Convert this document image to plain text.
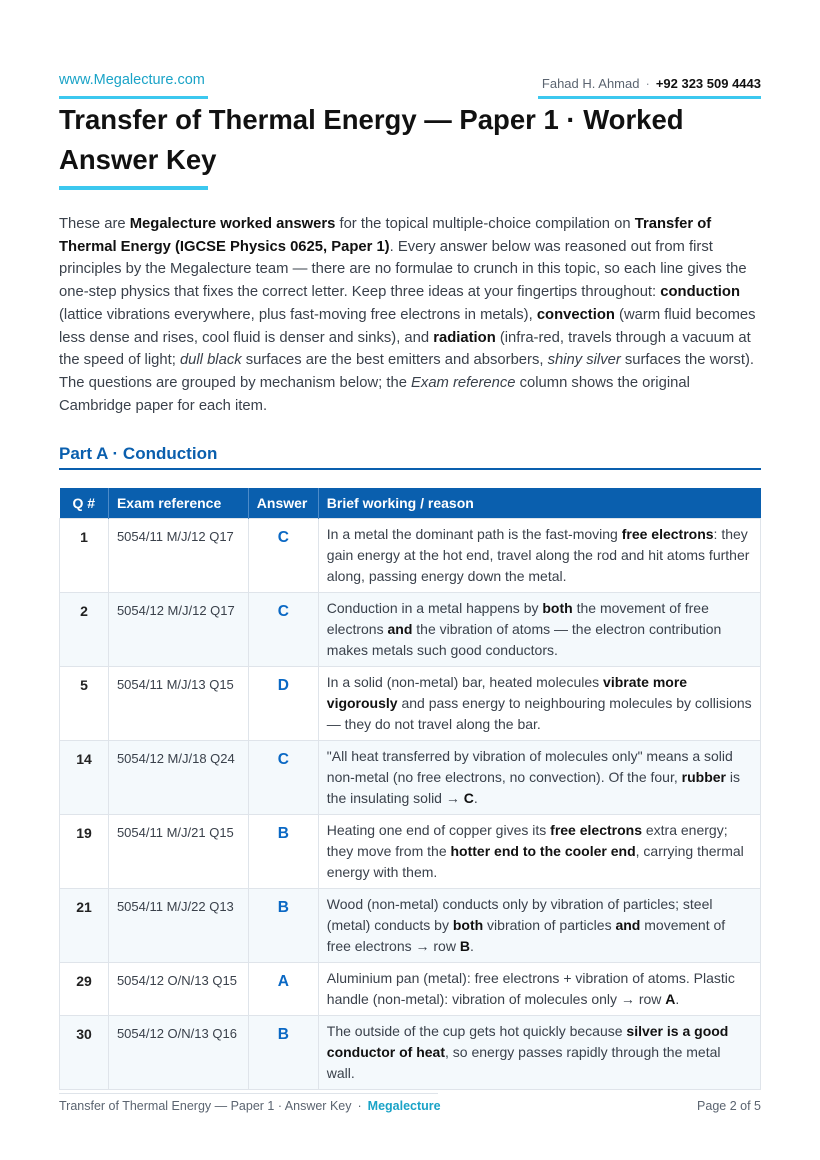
www.Megalecture.com	Fahad H. Ahmad · +92 323 509 4443
Transfer of Thermal Energy — Paper 1 · Worked Answer Key

These are Megalecture worked answers for the topical multiple-choice compilation on Transfer of Thermal Energy (IGCSE Physics 0625, Paper 1). Every answer below was reasoned out from first principles by the Megalecture team — there are no formulae to crunch in this topic, so each line gives the one-step physics that fixes the correct letter. Keep three ideas at your fingertips throughout: conduction (lattice vibrations everywhere, plus fast-moving free electrons in metals), convection (warm fluid becomes less dense and rises, cool fluid is denser and sinks), and radiation (infra-red, travels through a vacuum at the speed of light; dull black surfaces are the best emitters and absorbers, shiny silver surfaces the worst). The questions are grouped by mechanism below; the Exam reference column shows the original Cambridge paper for each item.

Part A · Conduction
Q #	Exam reference	Answer	Brief working / reason
1	5054/11 M/J/12 Q17	C	In a metal the dominant path is the fast-moving free electrons: they gain energy at the hot end, travel along the rod and hit atoms further along, passing energy down the metal.
2	5054/12 M/J/12 Q17	C	Conduction in a metal happens by both the movement of free electrons and the vibration of atoms — the electron contribution makes metals such good conductors.
5	5054/11 M/J/13 Q15	D	In a solid (non-metal) bar, heated molecules vibrate more vigorously and pass energy to neighbouring molecules by collisions — they do not travel along the bar.
14	5054/12 M/J/18 Q24	C	"All heat transferred by vibration of molecules only" means a solid non-metal (no free electrons, no convection). Of the four, rubber is the insulating solid → C.
19	5054/11 M/J/21 Q15	B	Heating one end of copper gives its free electrons extra energy; they move from the hotter end to the cooler end, carrying thermal energy with them.
21	5054/11 M/J/22 Q13	B	Wood (non-metal) conducts only by vibration of particles; steel (metal) conducts by both vibration of particles and movement of free electrons → row B.
29	5054/12 O/N/13 Q15	A	Aluminium pan (metal): free electrons + vibration of atoms. Plastic handle (non-metal): vibration of molecules only → row A.
30	5054/12 O/N/13 Q16	B	The outside of the cup gets hot quickly because silver is a good conductor of heat, so energy passes rapidly through the metal wall.
Transfer of Thermal Energy — Paper 1 · Answer Key · Megalecture	Page 2 of 5
